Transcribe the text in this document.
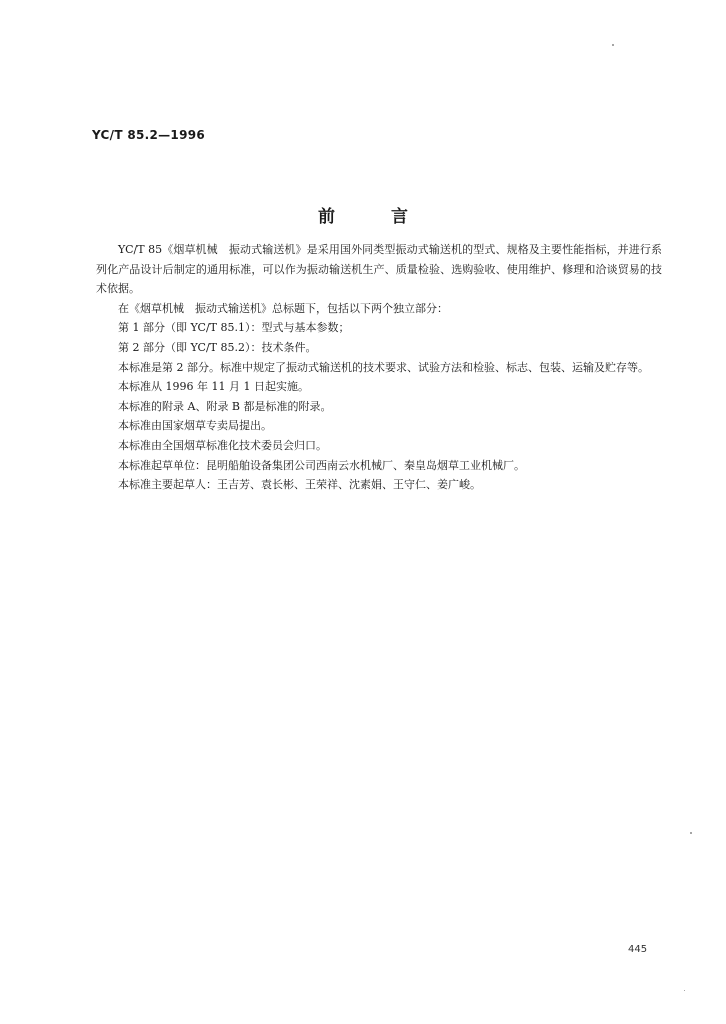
YC/T 85.2—1996
前言

YC/T 85《烟草机械　振动式输送机》是采用国外同类型振动式输送机的型式、规格及主要性能指标，并进行系列化产品设计后制定的通用标准，可以作为振动输送机生产、质量检验、选购验收、使用维护、修理和洽谈贸易的技术依据。

在《烟草机械　振动式输送机》总标题下，包括以下两个独立部分：

第 1 部分（即 YC/T 85.1）：型式与基本参数；

第 2 部分（即 YC/T 85.2）：技术条件。

本标准是第 2 部分。标准中规定了振动式输送机的技术要求、试验方法和检验、标志、包装、运输及贮存等。

本标准从 1996 年 11 月 1 日起实施。

本标准的附录 A、附录 B 都是标准的附录。

本标准由国家烟草专卖局提出。

本标准由全国烟草标准化技术委员会归口。

本标准起草单位：昆明船舶设备集团公司西南云水机械厂、秦皇岛烟草工业机械厂。

本标准主要起草人：王吉芳、袁长彬、王荣祥、沈素娟、王守仁、姜广峻。

445
